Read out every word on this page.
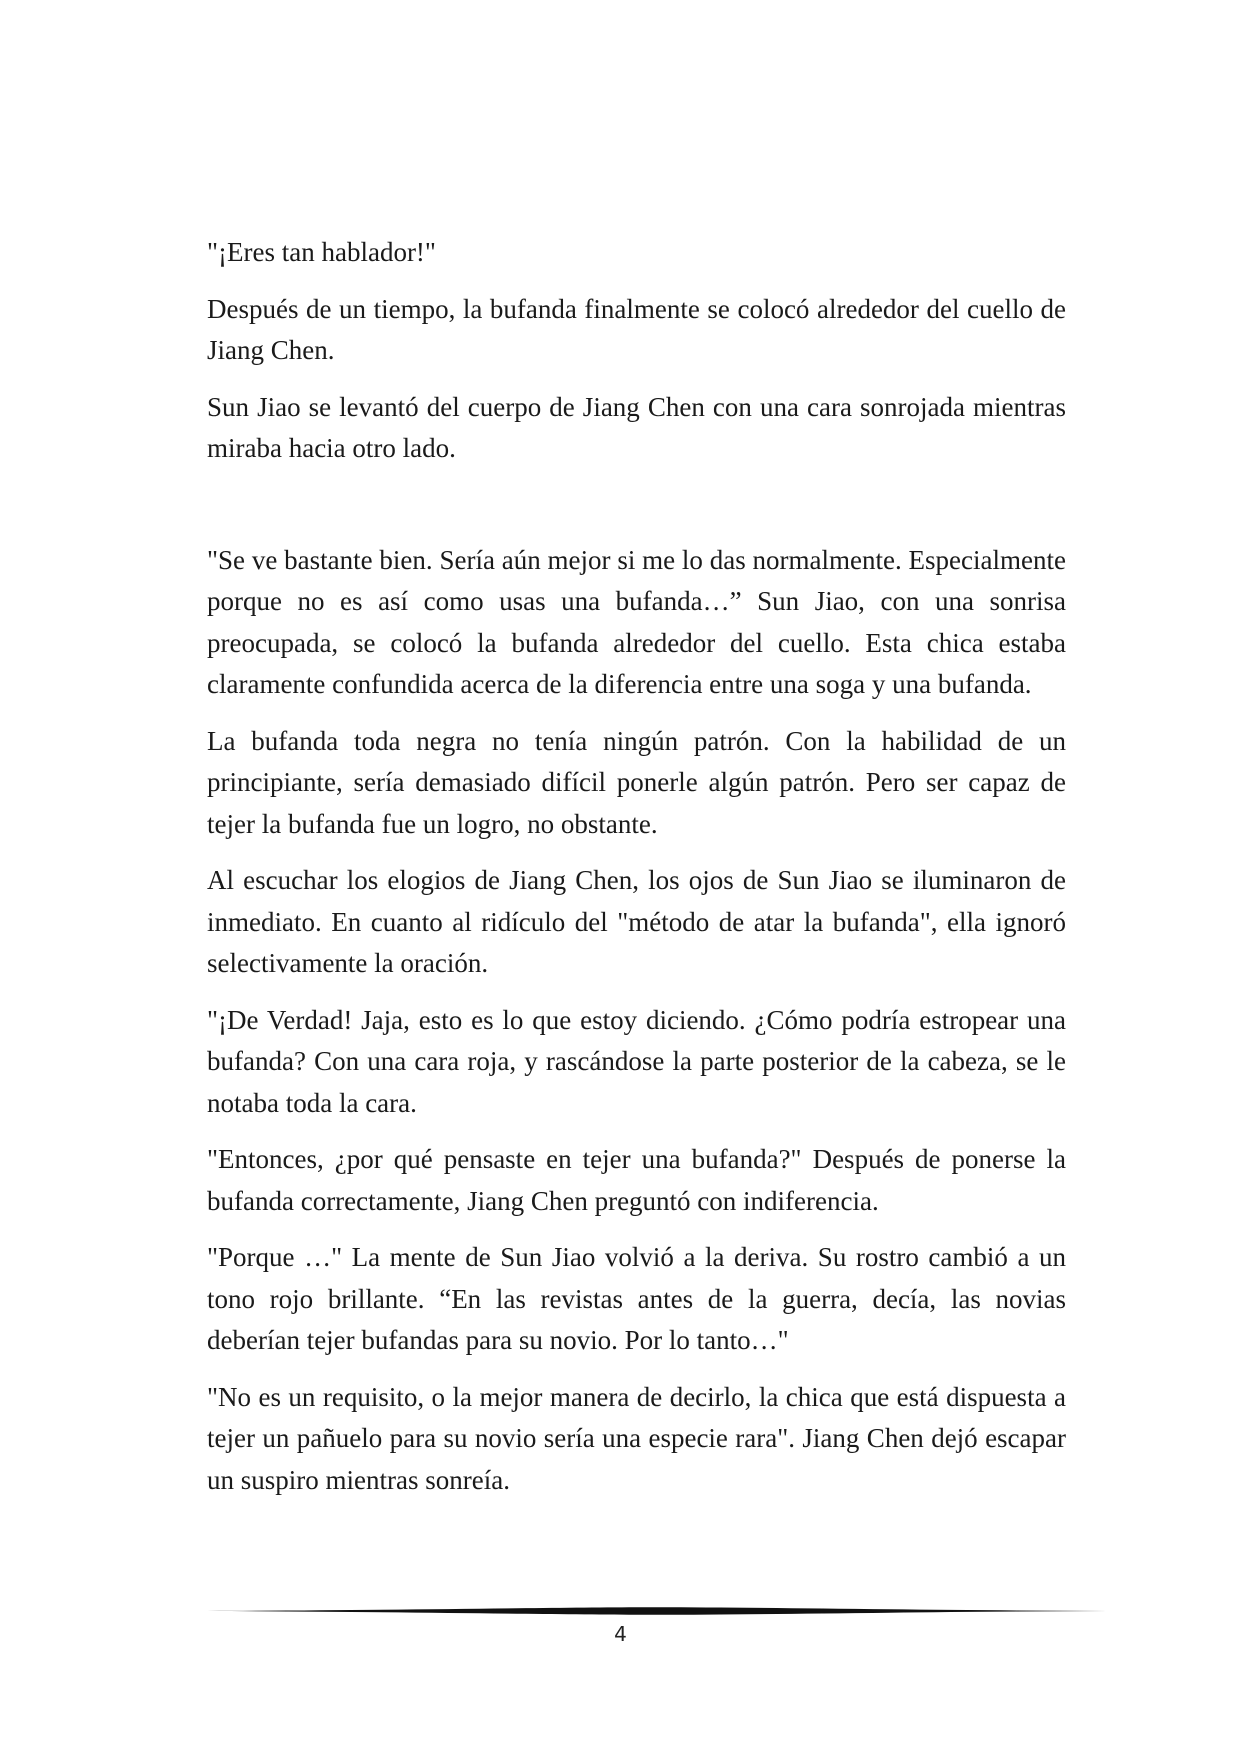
"¡Eres tan hablador!"

Después de un tiempo, la bufanda finalmente se colocó alrededor del cuello de Jiang Chen.

Sun Jiao se levantó del cuerpo de Jiang Chen con una cara sonrojada mientras miraba hacia otro lado.

"Se ve bastante bien. Sería aún mejor si me lo das normalmente. Especialmente porque no es así como usas una bufanda…” Sun Jiao, con una sonrisa preocupada, se colocó la bufanda alrededor del cuello. Esta chica estaba claramente confundida acerca de la diferencia entre una soga y una bufanda.

La bufanda toda negra no tenía ningún patrón. Con la habilidad de un principiante, sería demasiado difícil ponerle algún patrón. Pero ser capaz de tejer la bufanda fue un logro, no obstante.

Al escuchar los elogios de Jiang Chen, los ojos de Sun Jiao se iluminaron de inmediato. En cuanto al ridículo del "método de atar la bufanda", ella ignoró selectivamente la oración.

"¡De Verdad! Jaja, esto es lo que estoy diciendo. ¿Cómo podría estropear una bufanda? Con una cara roja, y rascándose la parte posterior de la cabeza, se le notaba toda la cara.

"Entonces, ¿por qué pensaste en tejer una bufanda?" Después de ponerse la bufanda correctamente, Jiang Chen preguntó con indiferencia.

"Porque …" La mente de Sun Jiao volvió a la deriva. Su rostro cambió a un tono rojo brillante. “En las revistas antes de la guerra, decía, las novias deberían tejer bufandas para su novio. Por lo tanto…"

"No es un requisito, o la mejor manera de decirlo, la chica que está dispuesta a tejer un pañuelo para su novio sería una especie rara". Jiang Chen dejó escapar un suspiro mientras sonreía.

4
